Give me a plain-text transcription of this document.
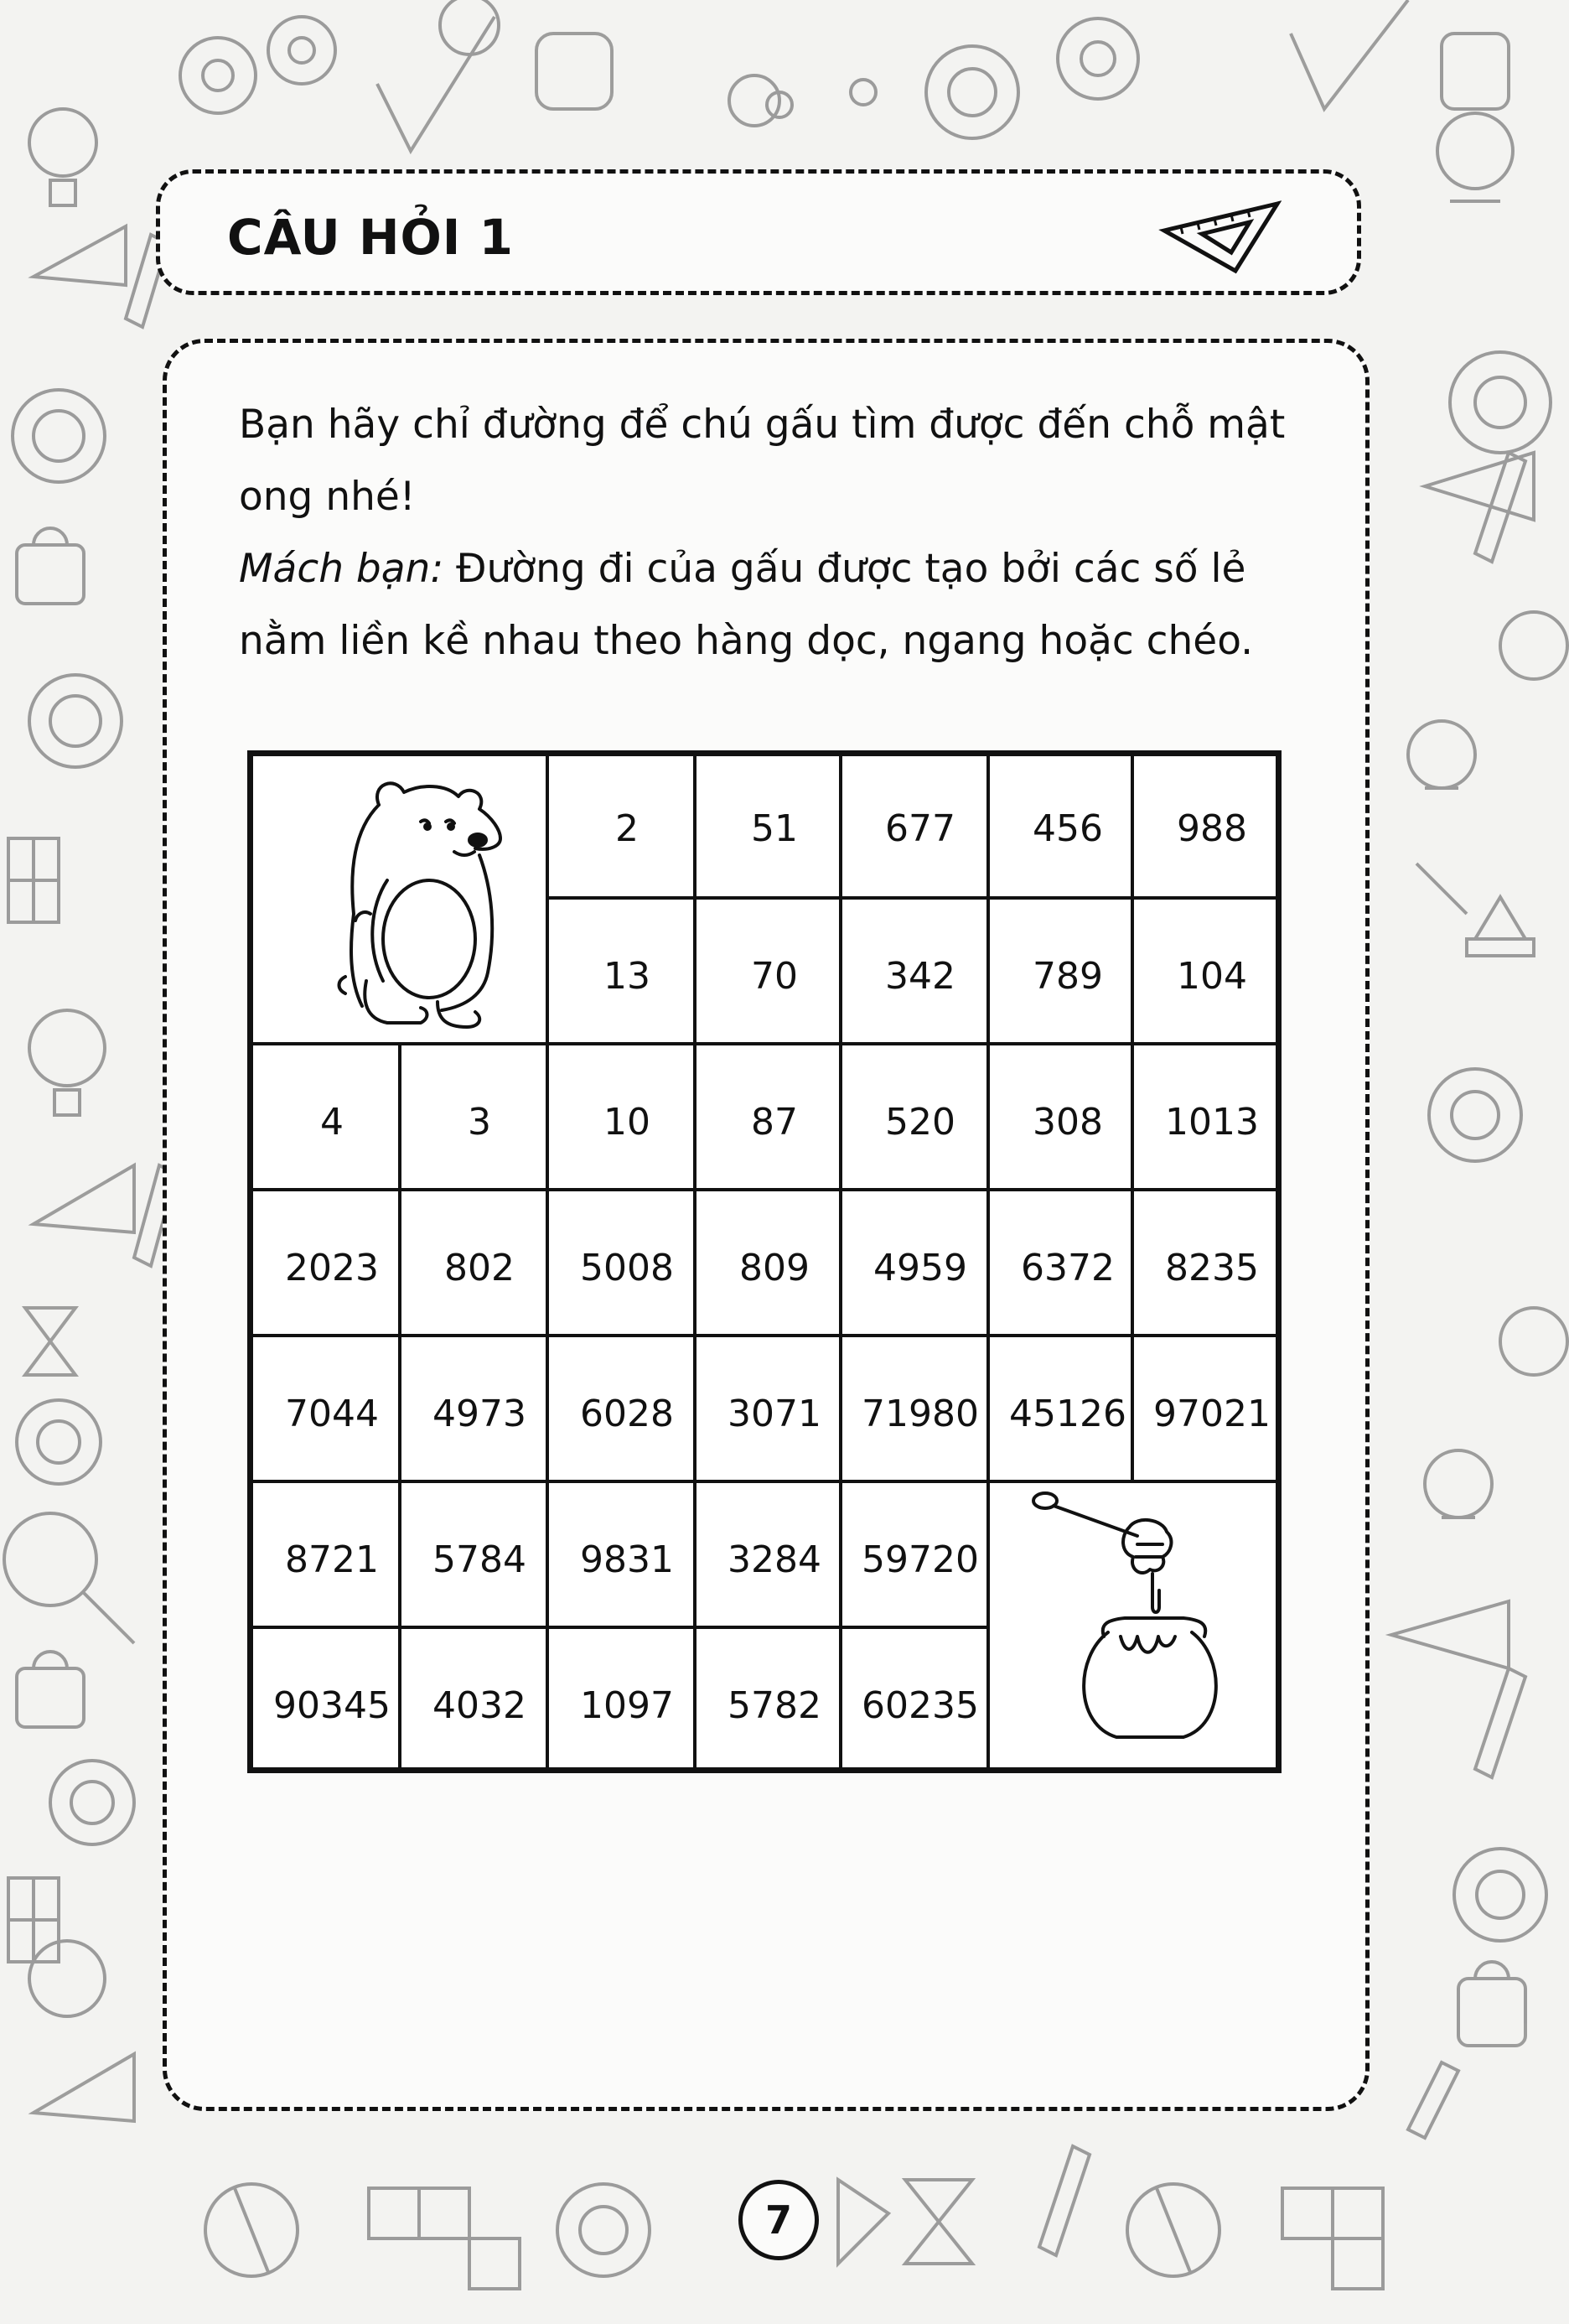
CÂU HỎI 1

Bạn hãy chỉ đường để chú gấu tìm được đến chỗ mật ong nhé!

Mách bạn: Đường đi của gấu được tạo bởi các số lẻ nằm liền kề nhau theo hàng dọc, ngang hoặc chéo.

2	51	677	456	988
13	70	342	789	104
4	3	10	87	520	308	1013
2023	802	5008	809	4959	6372	8235
7044	4973	6028	3071	71980 45126 97021
8721	5784	9831	3284	59720
90345	4032	1097	5782	60235
7
